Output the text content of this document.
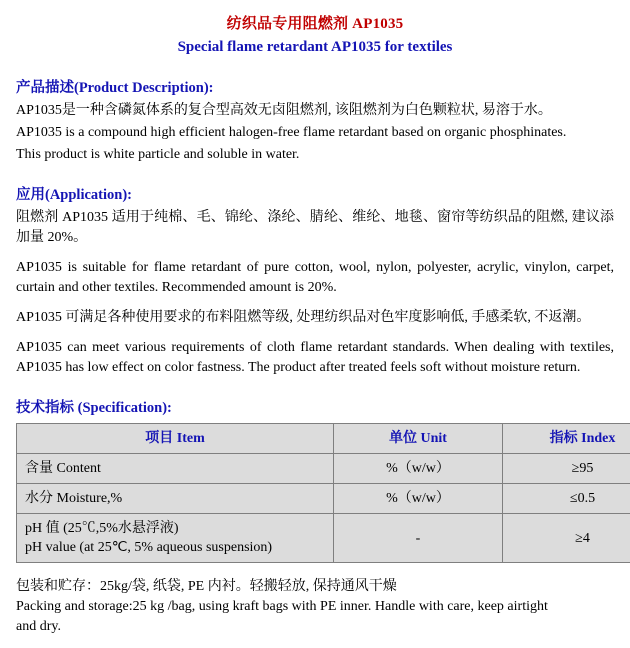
纺织品专用阻燃剂 AP1035
Special flame retardant AP1035 for textiles
产品描述(Product Description):

AP1035是一种含磷氮体系的复合型高效无卤阻燃剂, 该阻燃剂为白色颗粒状, 易溶于水。

AP1035 is a compound high efficient halogen-free flame retardant based on organic phosphinates.

This product is white particle and soluble in water.

应用(Application):

阻燃剂 AP1035 适用于纯棉、毛、锦纶、涤纶、腈纶、维纶、地毯、窗帘等纺织品的阻燃, 建议添加量 20%。

AP1035 is suitable for flame retardant of pure cotton, wool, nylon, polyester, acrylic, vinylon, carpet, curtain and other textiles. Recommended amount is 20%.

AP1035 可满足各种使用要求的布料阻燃等级, 处理纺织品对色牢度影响低, 手感柔软, 不返潮。

AP1035 can meet various requirements of cloth flame retardant standards. When dealing with textiles, AP1035 has low effect on color fastness. The product after treated feels soft without moisture return.

技术指标 (Specification):
项目 Item	单位 Unit	指标 Index
含量 Content	%（w/w）	≥95
水分 Moisture,%	%（w/w）	≤0.5

pH 值 (25℃,5%水悬浮液)
pH value (at 25℃, 5% aqueous suspension)	-	≥4

包装和贮存：25kg/袋, 纸袋, PE 内衬。轻搬轻放, 保持通风干燥

Packing and storage:25 kg /bag, using kraft bags with PE inner. Handle with care, keep airtight

and dry.
